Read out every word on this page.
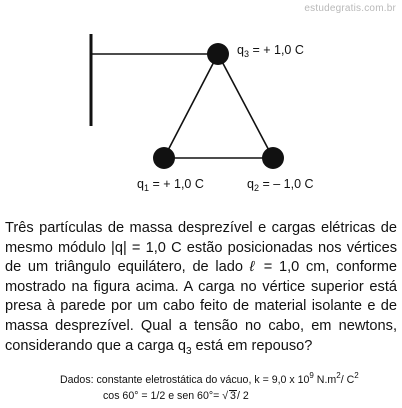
estudegratis.com.br
$q_3$ = + 1,0 C
$q_1$ = + 1,0 C	$q_2$ = – 1,0 C

Três partículas de massa desprezível e cargas elétricas de mesmo módulo |q| = 1,0 C estão posicionadas nos vértices de um triângulo equilátero, de lado ℓ = 1,0 cm, conforme mostrado na figura acima. A carga no vértice superior está presa à parede por um cabo feito de material isolante e de massa desprezível. Qual a tensão no cabo, em newtons, considerando que a carga $q_3$ está em repouso?

Dados: constante eletrostática do vácuo, k = 9,0 x $10^9$ $N.m^2/$ $C^2$
cos 60° = 1/2 e sen 60°= √ 3/ 2
